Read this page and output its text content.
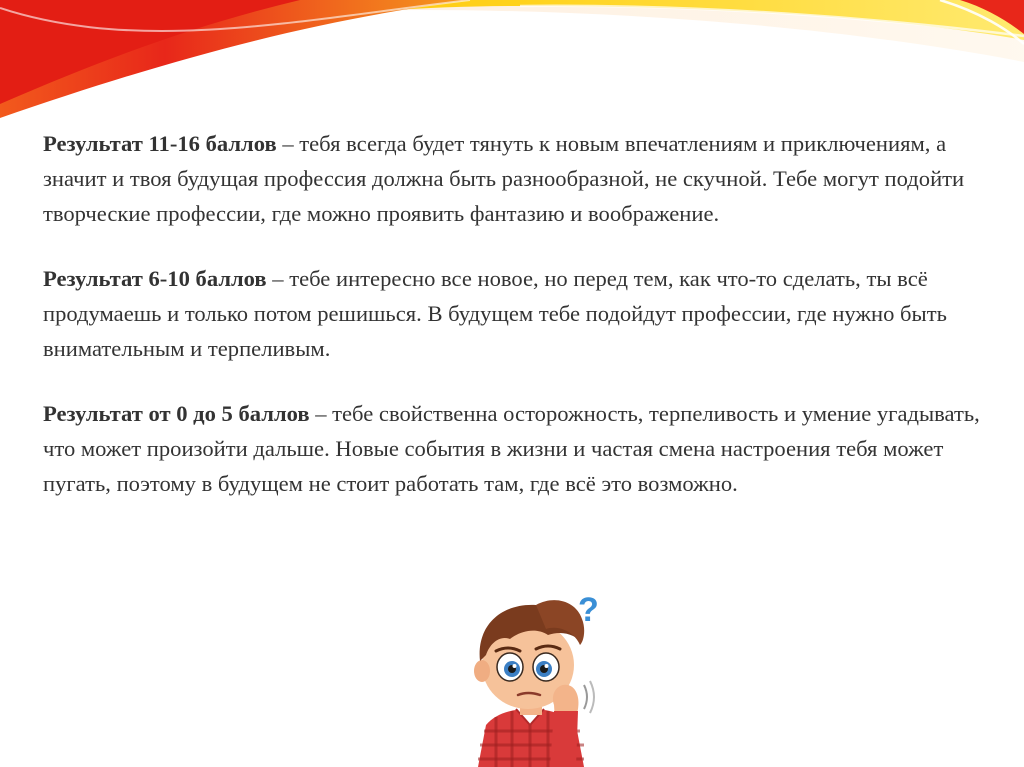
Результат 11-16 баллов – тебя всегда будет тянуть к новым впечатлениям и приключениям, а значит и твоя будущая профессия должна быть разнообразной, не скучной. Тебе могут подойти творческие профессии, где можно проявить фантазию и воображение.

Результат 6-10 баллов – тебе интересно все новое, но перед тем, как что-то сделать, ты всё продумаешь и только потом решишься. В будущем тебе подойдут профессии, где нужно быть внимательным и терпеливым.

Результат от 0 до 5 баллов – тебе свойственна осторожность, терпеливость и умение угадывать, что может произойти дальше. Новые события в жизни и частая смена настроения тебя может пугать, поэтому в будущем не стоит работать там, где всё это возможно.

?
